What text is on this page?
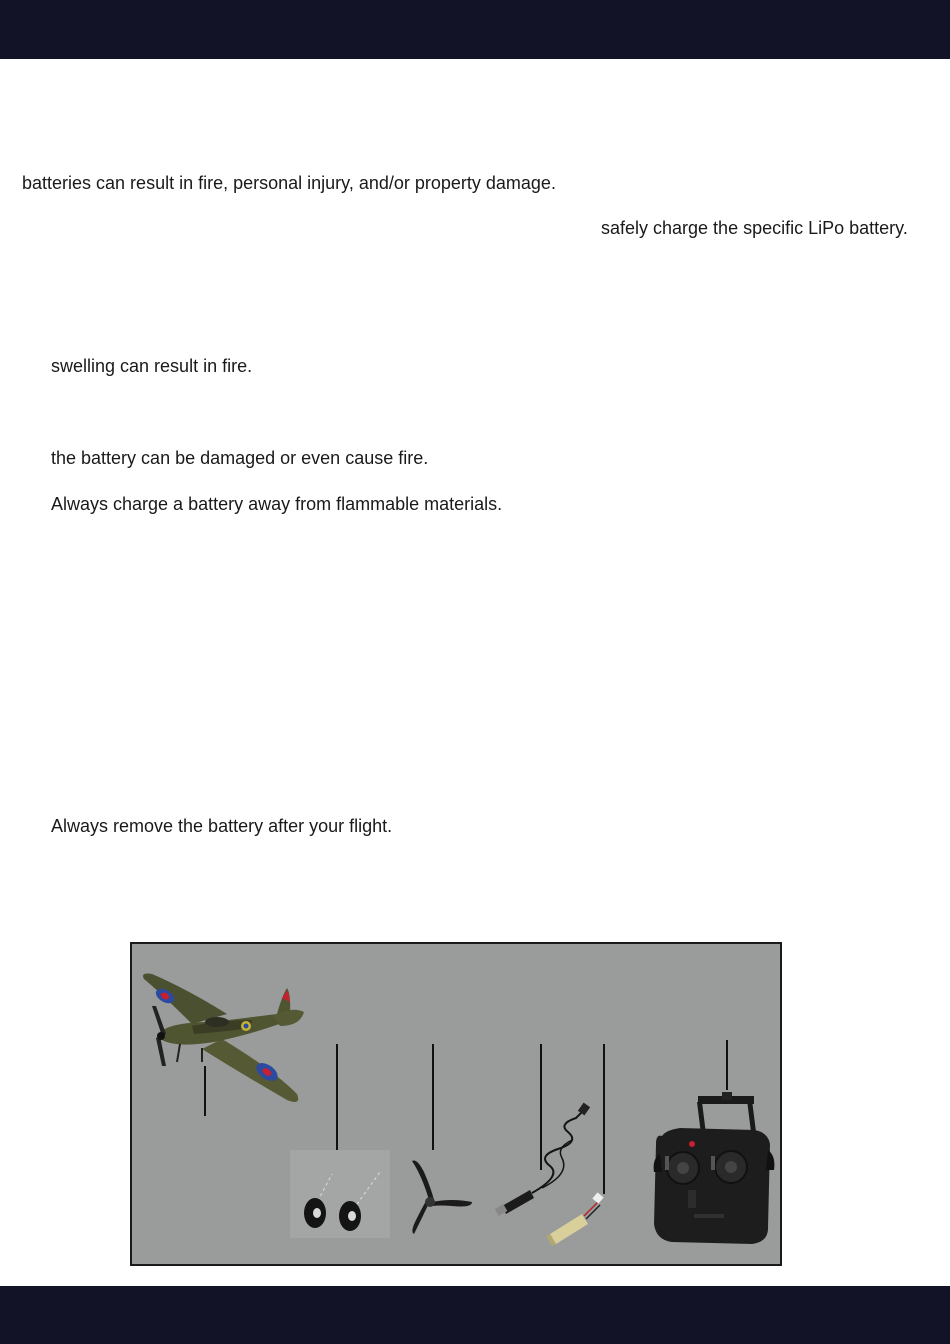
batteries can result in fire, personal injury, and/or property damage.
safely charge the specific LiPo battery.
swelling can result in fire.
the battery can be damaged or even cause fire.
Always charge a battery away from flammable materials.
Always remove the battery after your flight.
